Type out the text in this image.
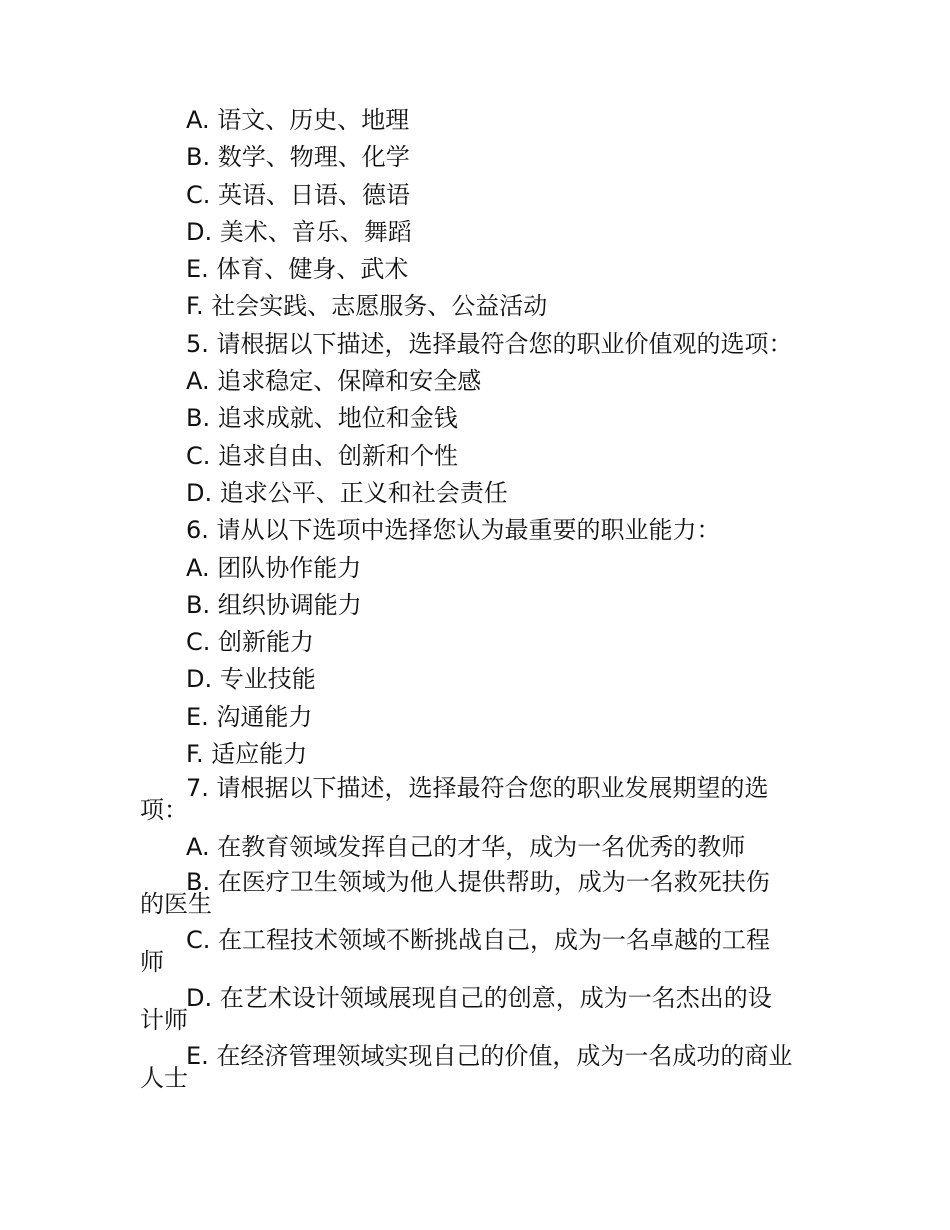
A. 语文、历史、地理
B. 数学、物理、化学
C. 英语、日语、德语
D. 美术、音乐、舞蹈
E. 体育、健身、武术
F. 社会实践、志愿服务、公益活动
5. 请根据以下描述，选择最符合您的职业价值观的选项：
A. 追求稳定、保障和安全感
B. 追求成就、地位和金钱
C. 追求自由、创新和个性
D. 追求公平、正义和社会责任
6. 请从以下选项中选择您认为最重要的职业能力：
A. 团队协作能力
B. 组织协调能力
C. 创新能力
D. 专业技能
E. 沟通能力
F. 适应能力
7. 请根据以下描述，选择最符合您的职业发展期望的选
项：
A. 在教育领域发挥自己的才华，成为一名优秀的教师
B. 在医疗卫生领域为他人提供帮助，成为一名救死扶伤
的医生
C. 在工程技术领域不断挑战自己，成为一名卓越的工程
师
D. 在艺术设计领域展现自己的创意，成为一名杰出的设
计师
E. 在经济管理领域实现自己的价值，成为一名成功的商业
人士
